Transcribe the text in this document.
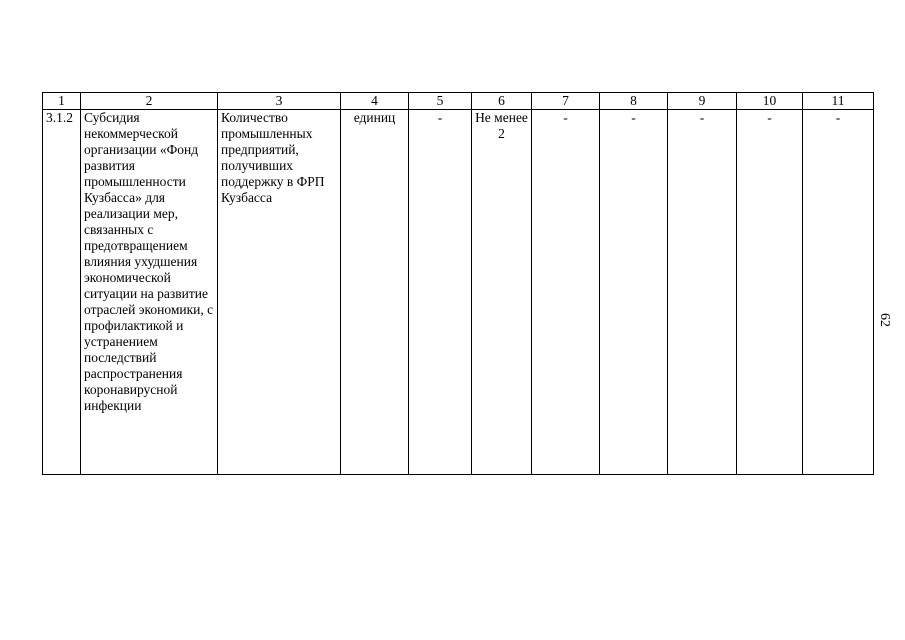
1	2	3	4	5	6	7	8	9	10	11
3.1.2	Субсидия некоммерческой организации «Фонд развития промышленности Кузбасса» для реализации мер, связанных с предотвращением влияния ухудшения экономической ситуации на развитие отраслей экономики, с профилактикой и устранением последствий распространения коронавирусной инфекции	Количество промышленных предприятий, получивших поддержку в ФРП Кузбасса	единиц	-	Не менее 2	-	-	-	-	-
62
